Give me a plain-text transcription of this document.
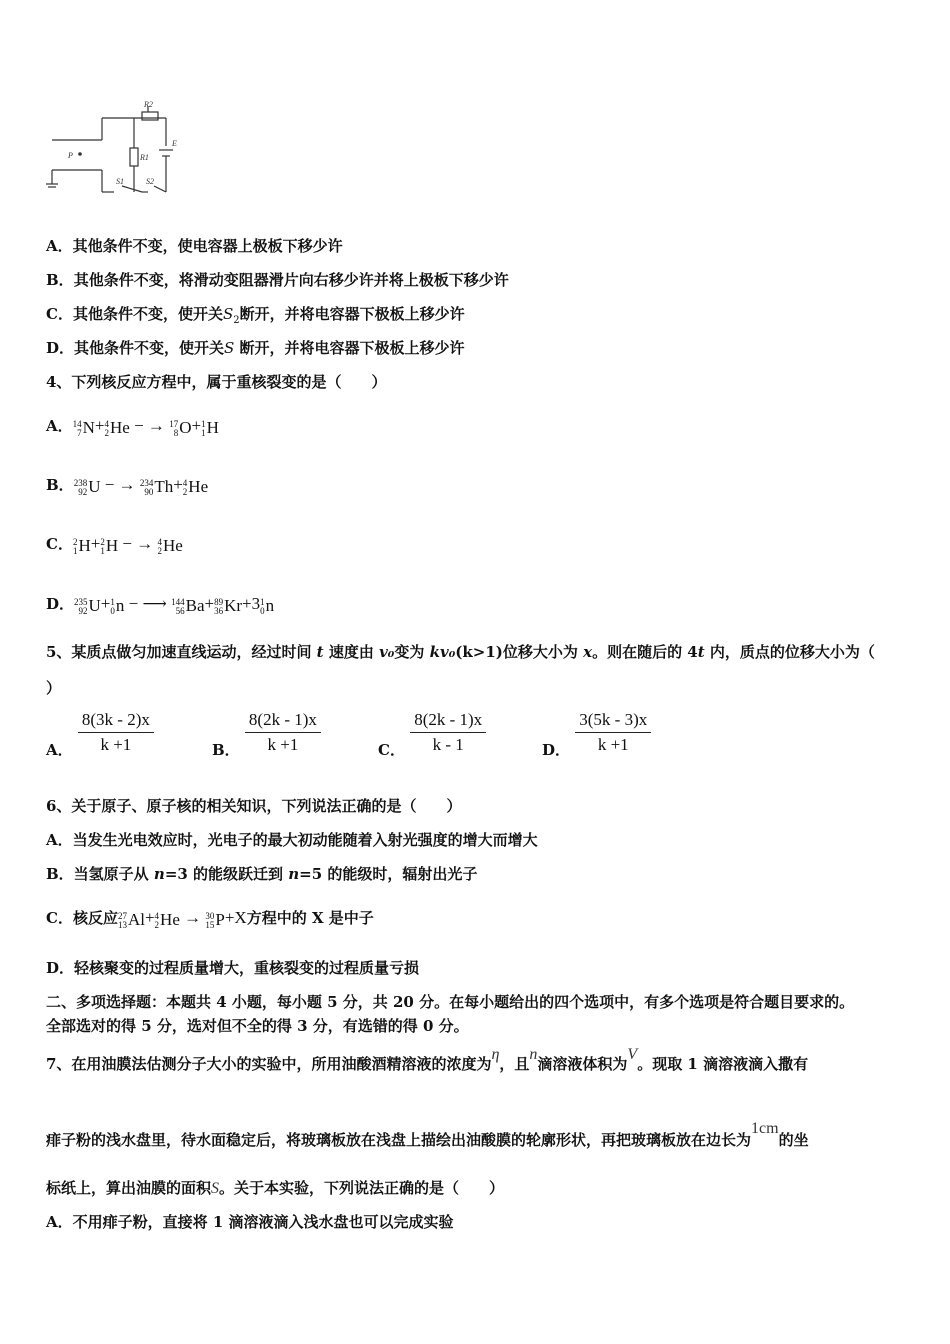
R2
R1
E
P
S1	S2
A．其他条件不变，使电容器上极板下移少许
B．其他条件不变，将滑动变阻器滑片向右移少许并将上极板下移少许
C．其他条件不变，使开关$S_2$断开，并将电容器下极板上移少许
D．其他条件不变，使开关S 断开，并将电容器下极板上移少许
4、下列核反应方程中，属于重核裂变的是（　　）
A． 14
7 N+ 4
2 He − → 17
8 O+ 1
1 H
B． 238
92 U − → 234
90 Th+ 4
2 He
C． 2
1 H+ 2
1 H − → 4
2 He
D． 235
92 U+ 1
0 n − ⟶ 144
56 Ba+ 89
36 Kr+3 1
0 n
5、某质点做匀加速直线运动，经过时间 t 速度由 v₀变为 kv₀(k>1)位移大小为 x。则在随后的 4t 内，质点的位移大小为（
）
A． $\frac{8(3k - 2)x}{k +1}$	B． $\frac{8(2k - 1)x}{k +1}$	C． $\frac{8(2k - 1)x}{k - 1}$	D． $\frac{3(5k - 3)x}{k +1}$
6、关于原子、原子核的相关知识，下列说法正确的是（　　）
A．当发生光电效应时，光电子的最大初动能随着入射光强度的增大而增大
B．当氢原子从 n=3 的能级跃迁到 n=5 的能级时，辐射出光子
C．核反应 27
13 Al+ 4
2 He → 30
15 P+X方程中的 X 是中子
D．轻核聚变的过程质量增大，重核裂变的过程质量亏损
二、多项选择题：本题共 4 小题，每小题 5 分，共 20 分。在每小题给出的四个选项中，有多个选项是符合题目要求的。
全部选对的得 5 分，选对但不全的得 3 分，有选错的得 0 分。
7、在用油膜法估测分子大小的实验中，所用油酸酒精溶液的浓度为η，且n滴溶液体积为V。现取 1 滴溶液滴入撒有
痱子粉的浅水盘里，待水面稳定后，将玻璃板放在浅盘上描绘出油酸膜的轮廓形状，再把玻璃板放在边长为1cm的坐
标纸上，算出油膜的面积S。关于本实验，下列说法正确的是（　　）
A．不用痱子粉，直接将 1 滴溶液滴入浅水盘也可以完成实验
